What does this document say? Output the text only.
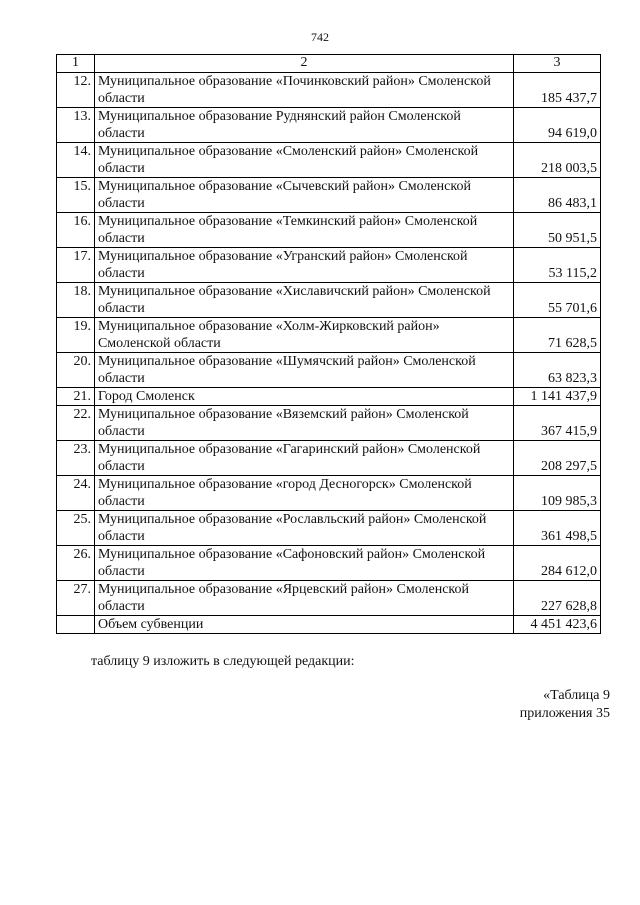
742
1	2	3
12.	Муниципальное образование «Починковский район» Смоленской области	185 437,7
13.	Муниципальное образование Руднянский район Смоленской области	94 619,0
14.	Муниципальное образование «Смоленский район» Смоленской области	218 003,5
15.	Муниципальное образование «Сычевский район» Смоленской области	86 483,1
16.	Муниципальное образование «Темкинский район» Смоленской области	50 951,5
17.	Муниципальное образование «Угранский район» Смоленской области	53 115,2
18.	Муниципальное образование «Хиславичский район» Смоленской области	55 701,6
19.	Муниципальное образование «Холм-Жирковский район» Смоленской области	71 628,5
20.	Муниципальное образование «Шумячский район» Смоленской области	63 823,3
21.	Город Смоленск	1 141 437,9
22.	Муниципальное образование «Вяземский район» Смоленской области	367 415,9
23.	Муниципальное образование «Гагаринский район» Смоленской области	208 297,5
24.	Муниципальное образование «город Десногорск» Смоленской области	109 985,3
25.	Муниципальное образование «Рославльский район» Смоленской области	361 498,5
26.	Муниципальное образование «Сафоновский район» Смоленской области	284 612,0
27.	Муниципальное образование «Ярцевский район» Смоленской области	227 628,8
	Объем субвенции	4 451 423,6
таблицу 9 изложить в следующей редакции:
«Таблица 9
приложения 35
